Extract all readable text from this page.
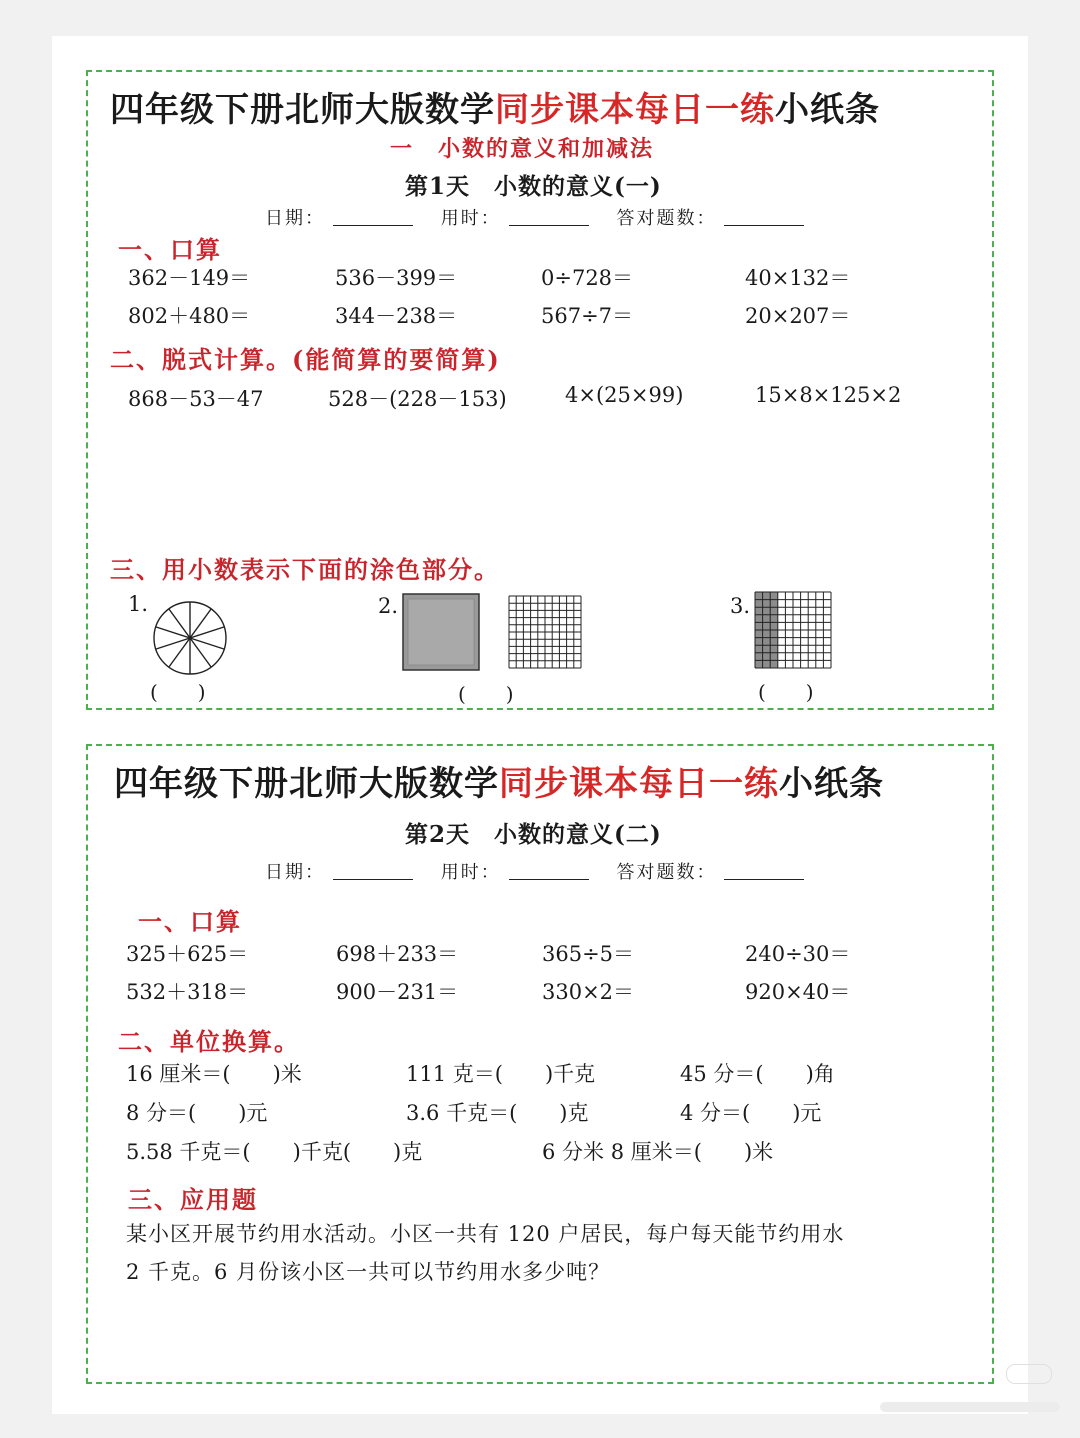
四年级下册北师大版数学同步课本每日一练小纸条
一　小数的意义和加减法
第1天　小数的意义(一)
日期：	用时：	答对题数：
一、口算
362－149＝	536－399＝	0÷728＝	40×132＝
802＋480＝	344－238＝	567÷7＝	20×207＝
二、脱式计算。(能简算的要简算)
868－53－47	528－(228－153)	4×(25×99)	15×8×125×2
三、用小数表示下面的涂色部分。
1.	2.	3.
(　　)	(　　)	(　　)
四年级下册北师大版数学同步课本每日一练小纸条
第2天　小数的意义(二)
日期：	用时：	答对题数：
一、口算
325＋625＝	698＋233＝	365÷5＝	240÷30＝
532＋318＝	900－231＝	330×2＝	920×40＝
二、单位换算。
16 厘米＝(　　)米	111 克＝(　　)千克	45 分＝(　　)角
8 分＝(　　)元	3.6 千克＝(　　)克	4 分＝(　　)元
5.58 千克＝(　　)千克(　　)克	6 分米 8 厘米＝(　　)米
三、应用题
某小区开展节约用水活动。小区一共有 120 户居民，每户每天能节约用水
2 千克。6 月份该小区一共可以节约用水多少吨？
